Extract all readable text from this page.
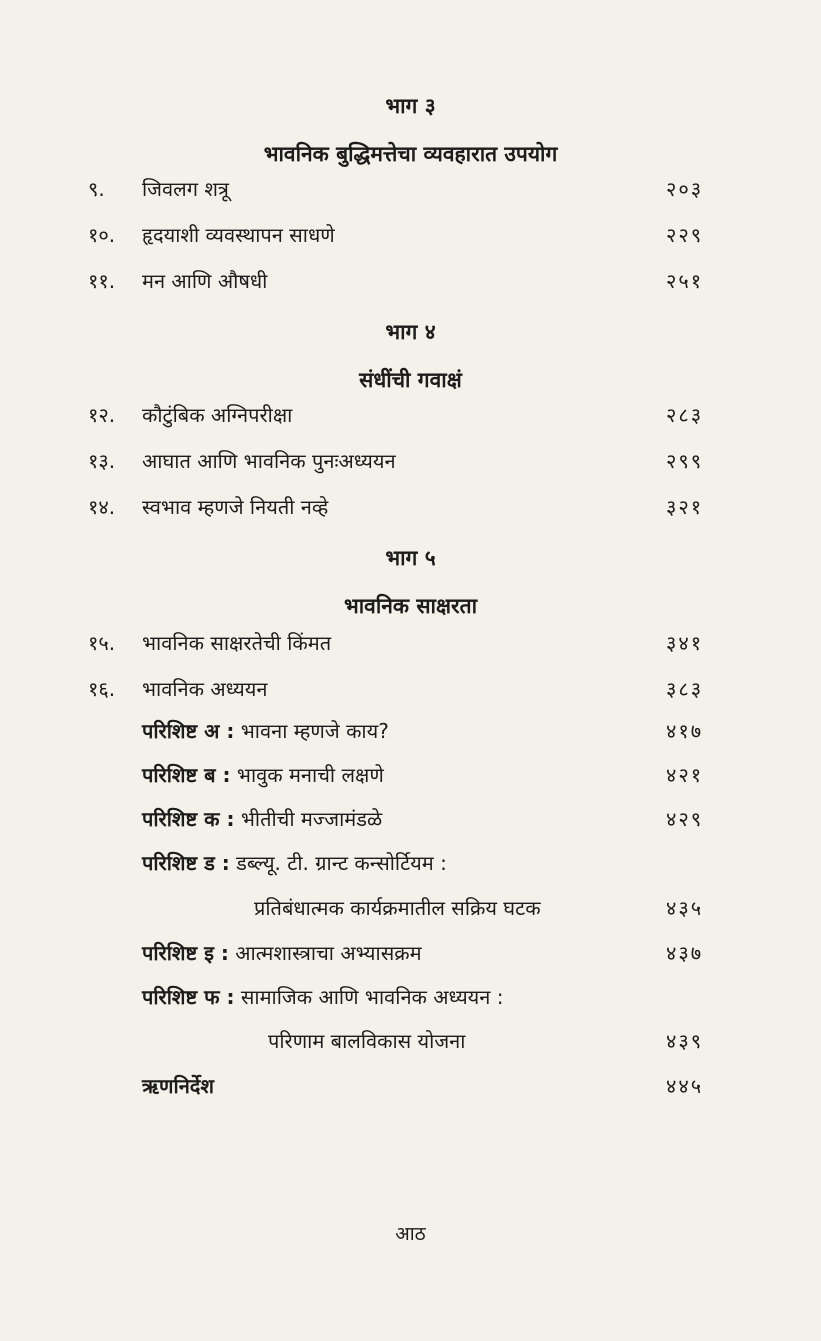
भाग ३
भावनिक बुद्धिमत्तेचा व्यवहारात उपयोग
९. जिवलग शत्रू	२०३
१०. हृदयाशी व्यवस्थापन साधणे	२२९
११. मन आणि औषधी	२५१
भाग ४
संधींची गवाक्षं
१२. कौटुंबिक अग्निपरीक्षा	२८३
१३. आघात आणि भावनिक पुनःअध्ययन	२९९
१४. स्वभाव म्हणजे नियती नव्हे	३२१
भाग ५
भावनिक साक्षरता
१५. भावनिक साक्षरतेची किंमत	३४१
१६. भावनिक अध्ययन	३८३
परिशिष्ट अ : भावना म्हणजे काय?	४१७
परिशिष्ट ब : भावुक मनाची लक्षणे	४२१
परिशिष्ट क : भीतीची मज्जामंडळे	४२९
परिशिष्ट ड : डब्ल्यू. टी. ग्रान्ट कन्सोर्टियम :
प्रतिबंधात्मक कार्यक्रमातील सक्रिय घटक	४३५
परिशिष्ट इ : आत्मशास्त्राचा अभ्यासक्रम	४३७
परिशिष्ट फ : सामाजिक आणि भावनिक अध्ययन :
परिणाम बालविकास योजना	४३९
ऋणनिर्देश	४४५
आठ
